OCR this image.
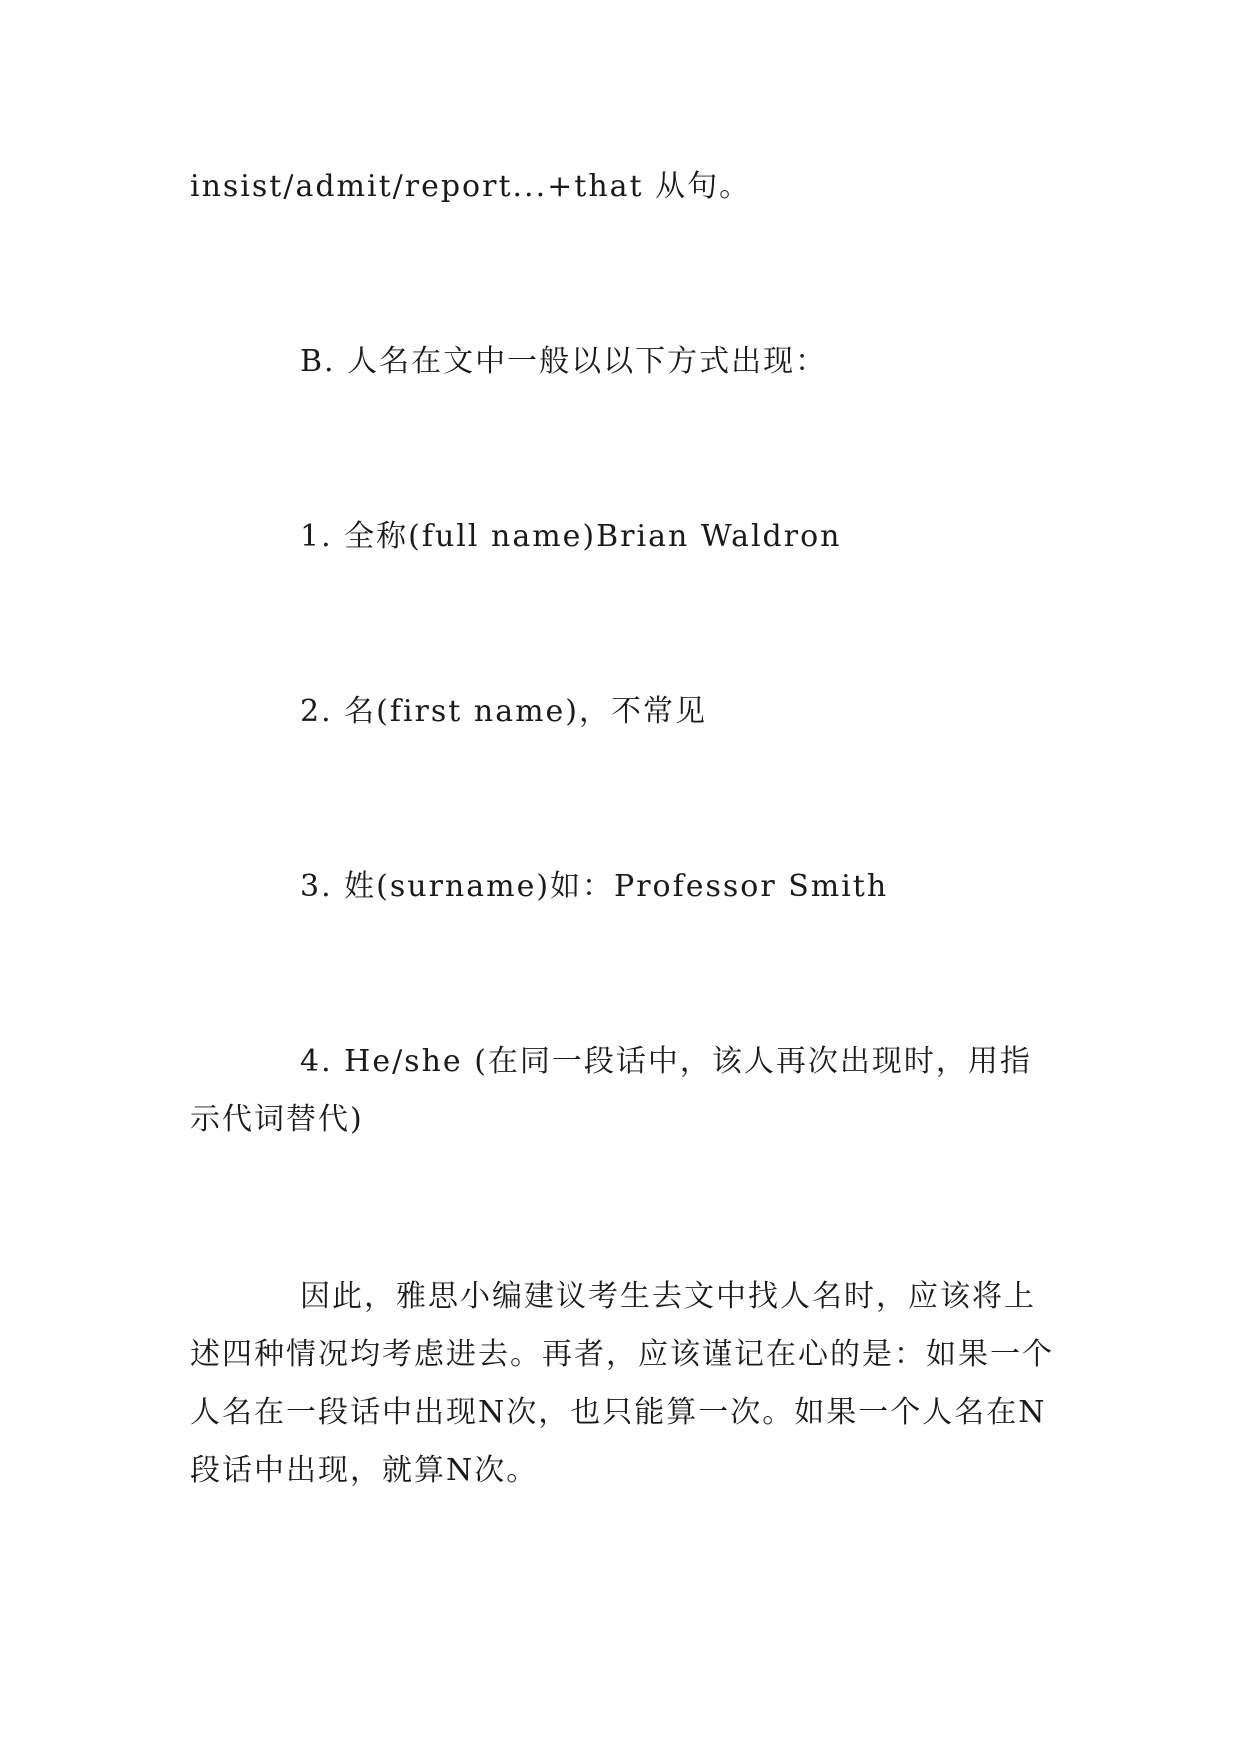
insist/admit/report...+that 从句。

B. 人名在文中一般以以下方式出现：

1. 全称(full name)Brian Waldron

2. 名(first name)，不常见

3. 姓(surname)如：Professor Smith

4. He/she (在同一段话中，该人再次出现时，用指示代词替代)

因此，雅思小编建议考生去文中找人名时，应该将上述四种情况均考虑进去。再者，应该谨记在心的是：如果一个人名在一段话中出现N次，也只能算一次。如果一个人名在N段话中出现，就算N次。
